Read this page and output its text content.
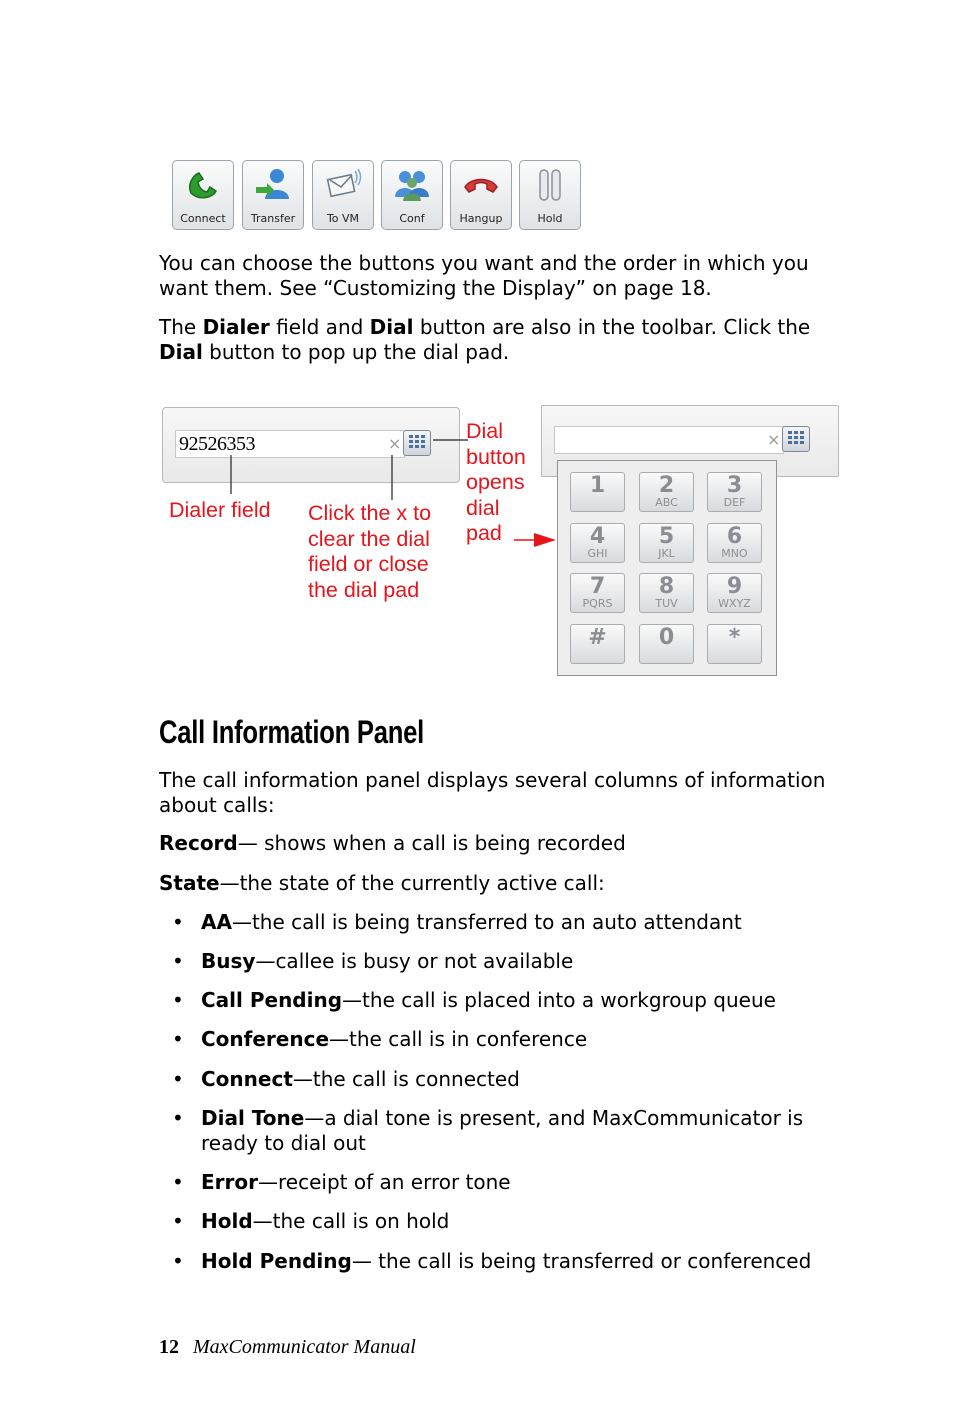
Connect	Transfer	To VM	Conf	Hangup	Hold
You can choose the buttons you want and the order in which you want them. See “Customizing the Display” on page 18.
The Dialer field and Dial button are also in the toolbar. Click the Dial button to pop up the dial pad.
92526353	×
Dialer field Click the x to
clear the dial
field or close
the dial pad
Dial
button
opens
dial
pad
×
1	2
ABC
3
DEF
4
GHI
5
JKL
6
MNO
7
PQRS
8
TUV
9
WXYZ
#	0	*
Call Information Panel
The call information panel displays several columns of information about calls:
Record— shows when a call is being recorded
State—the state of the currently active call:
• AA—the call is being transferred to an auto attendant
• Busy—callee is busy or not available
• Call Pending—the call is placed into a workgroup queue
• Conference—the call is in conference
• Connect—the call is connected
• Dial Tone—a dial tone is present, and MaxCommunicator is ready to dial out
• Error—receipt of an error tone
• Hold—the call is on hold
• Hold Pending— the call is being transferred or conferenced
12 MaxCommunicator Manual
